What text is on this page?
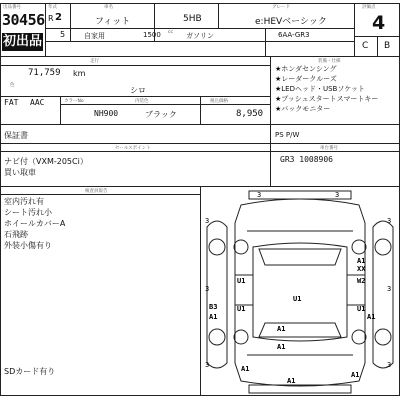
出品番号
30456
初出品
年式
R 2
5
車名
フィット	5HB
グレード
e:HEVベーシック
自家用	1500 cc ガソリン	6AA-GR3
評価点
4
C B
走行
71,759 km
色
シロ
FAT AAC	カラーNo	内装色	税込価格
NH900	ブラック	8,950
保証書
装備・仕様
★ホンダセンシング
★レーダークルーズ
★LEDヘッド・USBソケット
★プッシュスタートスマートキー
★バックモニター
PS P/W
セールスポイント
ナビ付（VXM-205Ci）
買い取車
車台番号
GR3 1008906
検査員報告
室内汚れ有
シート汚れ小
ホイールカバーA
石飛跡
外装小傷有り
SDカード有り
3	3
3	3
3	3
3	3
A1
XX
W2
U1
U1
U1
U1
A1
B3
A1	A1
A1
A1
A1
A1
